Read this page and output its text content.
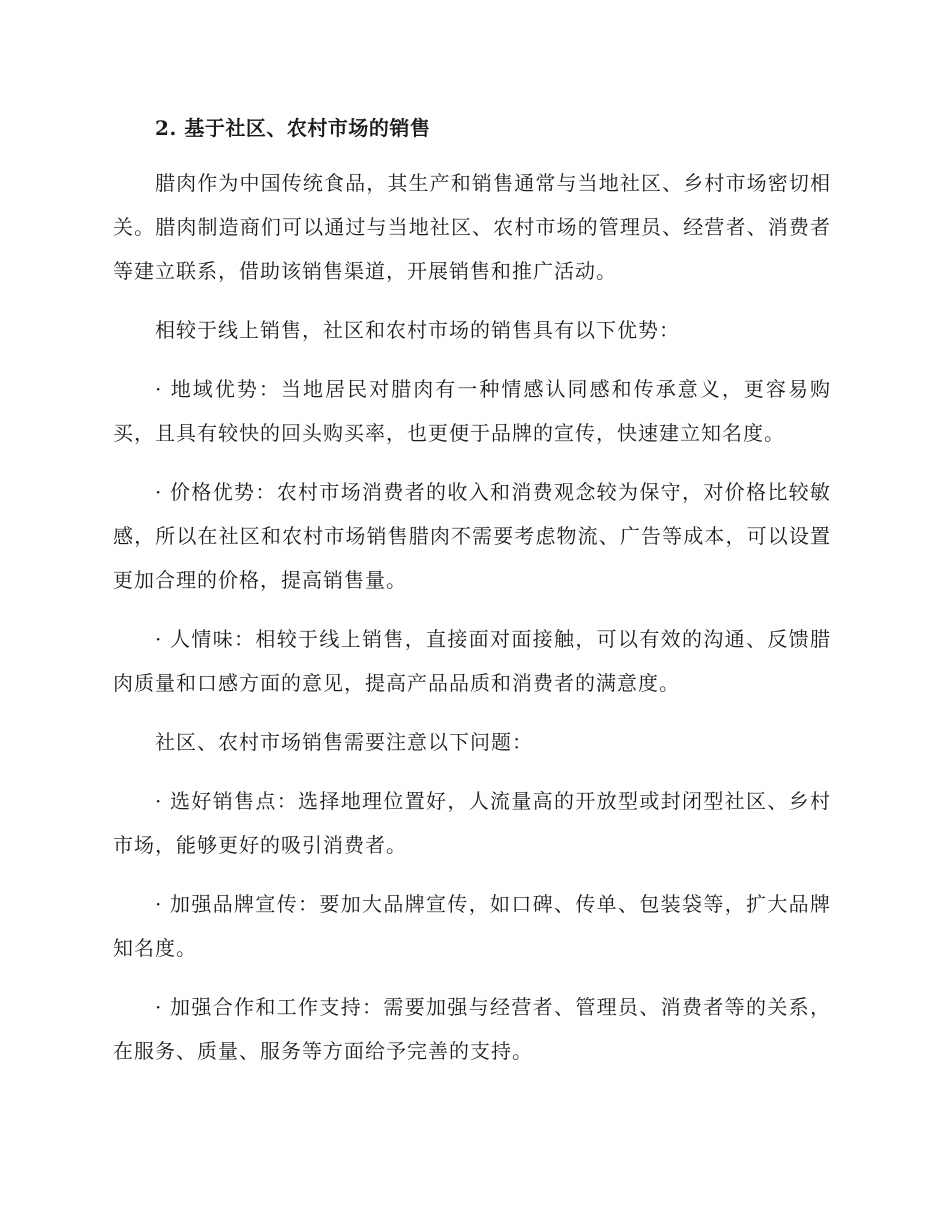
2. 基于社区、农村市场的销售

腊肉作为中国传统食品，其生产和销售通常与当地社区、乡村市场密切相关。腊肉制造商们可以通过与当地社区、农村市场的管理员、经营者、消费者等建立联系，借助该销售渠道，开展销售和推广活动。

相较于线上销售，社区和农村市场的销售具有以下优势：

· 地域优势：当地居民对腊肉有一种情感认同感和传承意义，更容易购买，且具有较快的回头购买率，也更便于品牌的宣传，快速建立知名度。

· 价格优势：农村市场消费者的收入和消费观念较为保守，对价格比较敏感，所以在社区和农村市场销售腊肉不需要考虑物流、广告等成本，可以设置更加合理的价格，提高销售量。

· 人情味：相较于线上销售，直接面对面接触，可以有效的沟通、反馈腊肉质量和口感方面的意见，提高产品品质和消费者的满意度。

社区、农村市场销售需要注意以下问题：

· 选好销售点：选择地理位置好，人流量高的开放型或封闭型社区、乡村市场，能够更好的吸引消费者。

· 加强品牌宣传：要加大品牌宣传，如口碑、传单、包装袋等，扩大品牌知名度。

· 加强合作和工作支持：需要加强与经营者、管理员、消费者等的关系，在服务、质量、服务等方面给予完善的支持。
